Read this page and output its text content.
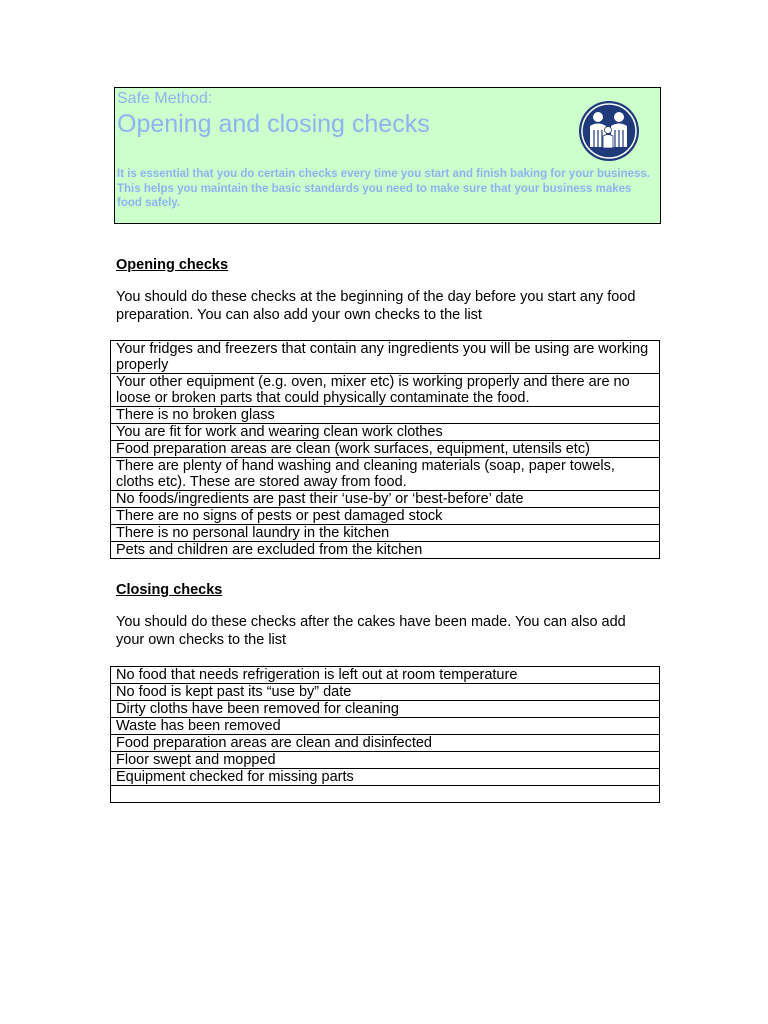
Safe Method:
Opening and closing checks
It is essential that you do certain checks every time you start and finish baking for your business. This helps you maintain the basic standards you need to make sure that your business makes food safely.
Opening checks
You should do these checks at the beginning of the day before you start any food preparation. You can also add your own checks to the list
Your fridges and freezers that contain any ingredients you will be using are working properly
Your other equipment (e.g. oven, mixer etc) is working properly and there are no loose or broken parts that could physically contaminate the food.
There is no broken glass
You are fit for work and wearing clean work clothes
Food preparation areas are clean (work surfaces, equipment, utensils etc)
There are plenty of hand washing and cleaning materials (soap, paper towels, cloths etc). These are stored away from food.
No foods/ingredients are past their ‘use-by’ or ‘best-before’ date
There are no signs of pests or pest damaged stock
There is no personal laundry in the kitchen
Pets and children are excluded from the kitchen
Closing checks
You should do these checks after the cakes have been made. You can also add your own checks to the list
No food that needs refrigeration is left out at room temperature
No food is kept past its “use by” date
Dirty cloths have been removed for cleaning
Waste has been removed
Food preparation areas are clean and disinfected
Floor swept and mopped
Equipment checked for missing parts
